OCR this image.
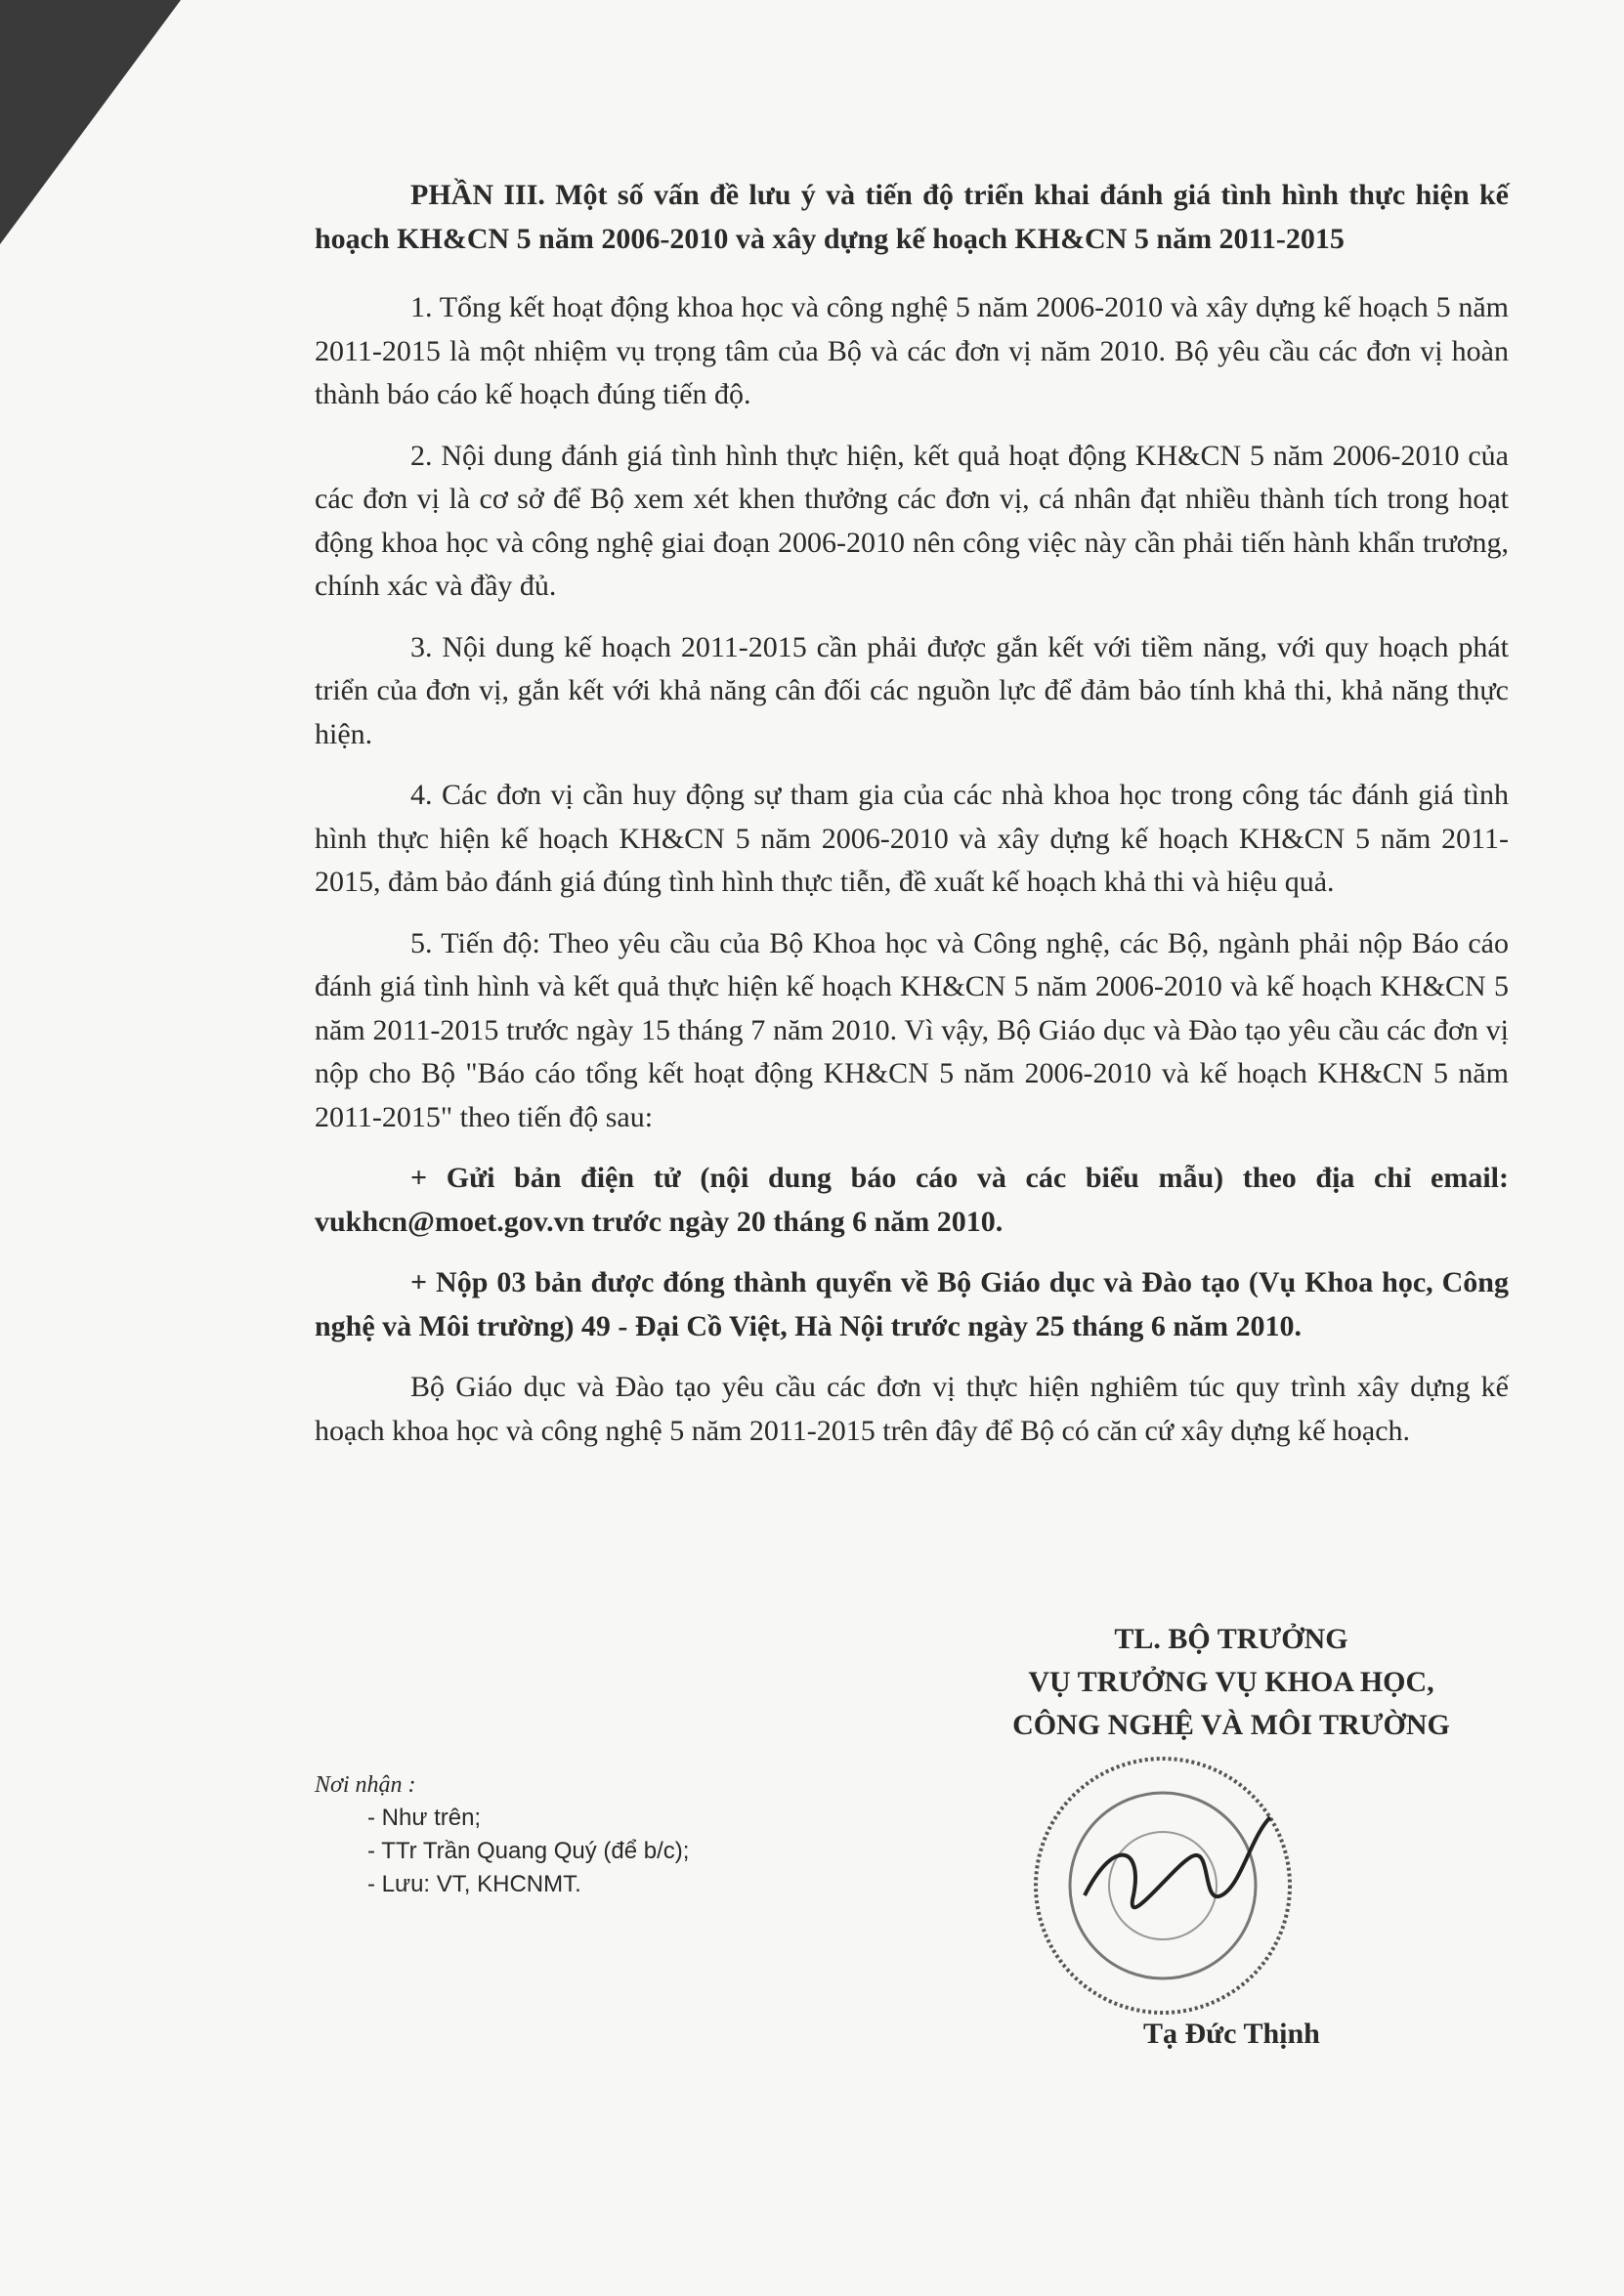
PHẦN III. Một số vấn đề lưu ý và tiến độ triển khai đánh giá tình hình thực hiện kế hoạch KH&CN 5 năm 2006-2010 và xây dựng kế hoạch KH&CN 5 năm 2011-2015

1. Tổng kết hoạt động khoa học và công nghệ 5 năm 2006-2010 và xây dựng kế hoạch 5 năm 2011-2015 là một nhiệm vụ trọng tâm của Bộ và các đơn vị năm 2010. Bộ yêu cầu các đơn vị hoàn thành báo cáo kế hoạch đúng tiến độ.

2. Nội dung đánh giá tình hình thực hiện, kết quả hoạt động KH&CN 5 năm 2006-2010 của các đơn vị là cơ sở để Bộ xem xét khen thưởng các đơn vị, cá nhân đạt nhiều thành tích trong hoạt động khoa học và công nghệ giai đoạn 2006-2010 nên công việc này cần phải tiến hành khẩn trương, chính xác và đầy đủ.

3. Nội dung kế hoạch 2011-2015 cần phải được gắn kết với tiềm năng, với quy hoạch phát triển của đơn vị, gắn kết với khả năng cân đối các nguồn lực để đảm bảo tính khả thi, khả năng thực hiện.

4. Các đơn vị cần huy động sự tham gia của các nhà khoa học trong công tác đánh giá tình hình thực hiện kế hoạch KH&CN 5 năm 2006-2010 và xây dựng kế hoạch KH&CN 5 năm 2011-2015, đảm bảo đánh giá đúng tình hình thực tiễn, đề xuất kế hoạch khả thi và hiệu quả.

5. Tiến độ: Theo yêu cầu của Bộ Khoa học và Công nghệ, các Bộ, ngành phải nộp Báo cáo đánh giá tình hình và kết quả thực hiện kế hoạch KH&CN 5 năm 2006-2010 và kế hoạch KH&CN 5 năm 2011-2015 trước ngày 15 tháng 7 năm 2010. Vì vậy, Bộ Giáo dục và Đào tạo yêu cầu các đơn vị nộp cho Bộ "Báo cáo tổng kết hoạt động KH&CN 5 năm 2006-2010 và kế hoạch KH&CN 5 năm 2011-2015" theo tiến độ sau:

+ Gửi bản điện tử (nội dung báo cáo và các biểu mẫu) theo địa chỉ email: vukhcn@moet.gov.vn trước ngày 20 tháng 6 năm 2010.

+ Nộp 03 bản được đóng thành quyển về Bộ Giáo dục và Đào tạo (Vụ Khoa học, Công nghệ và Môi trường) 49 - Đại Cồ Việt, Hà Nội trước ngày 25 tháng 6 năm 2010.

Bộ Giáo dục và Đào tạo yêu cầu các đơn vị thực hiện nghiêm túc quy trình xây dựng kế hoạch khoa học và công nghệ 5 năm 2011-2015 trên đây để Bộ có căn cứ xây dựng kế hoạch.

TL. BỘ TRƯỞNG
VỤ TRƯỞNG VỤ KHOA HỌC,
CÔNG NGHỆ VÀ MÔI TRƯỜNG
Nơi nhận :
- Như trên;
- TTr Trần Quang Quý (để b/c);
- Lưu: VT, KHCNMT.
Tạ Đức Thịnh
